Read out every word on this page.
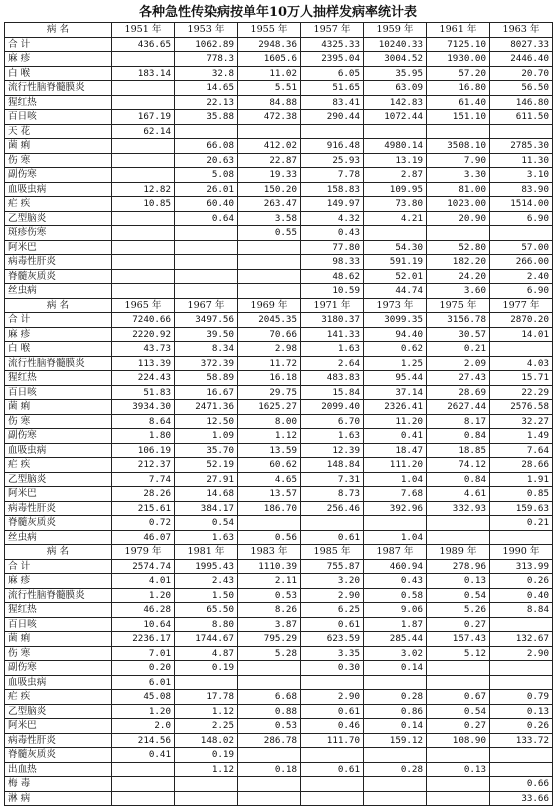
各种急性传染病按单年10万人抽样发病率统计表
病 名	1951 年	1953 年	1955 年	1957 年	1959 年	1961 年	1963 年
合 计	436.65	1062.89	2948.36	4325.33	10240.33	7125.10	8027.33
麻 疹		778.3	1605.6	2395.04	3004.52	1930.00	2446.40
白 喉	183.14	32.8	11.02	6.05	35.95	57.20	20.70
流行性脑脊髓膜炎		14.65	5.51	51.65	63.09	16.80	56.50
猩红热		22.13	84.88	83.41	142.83	61.40	146.80
百日咳	167.19	35.88	472.38	290.44	1072.44	151.10	611.50
天 花	62.14						
菌 痢		66.08	412.02	916.48	4980.14	3508.10	2785.30
伤 寒		20.63	22.87	25.93	13.19	7.90	11.30
副伤寒		5.08	19.33	7.78	2.87	3.30	3.10
血吸虫病	12.82	26.01	150.20	158.83	109.95	81.00	83.90
疟 疾	10.85	60.40	263.47	149.97	73.80	1023.00	1514.00
乙型脑炎		0.64	3.58	4.32	4.21	20.90	6.90
斑疹伤寒			0.55	0.43			
阿米巴				77.80	54.30	52.80	57.00
病毒性肝炎				98.33	591.19	182.20	266.00
脊髓灰质炎				48.62	52.01	24.20	2.40
丝虫病				10.59	44.74	3.60	6.90
病 名	1965 年	1967 年	1969 年	1971 年	1973 年	1975 年	1977 年
合 计	7240.66	3497.56	2045.35	3180.37	3099.35	3156.78	2870.20
麻 疹	2220.92	39.50	70.66	141.33	94.40	30.57	14.01
白 喉	43.73	8.34	2.98	1.63	0.62	0.21	
流行性脑脊髓膜炎	113.39	372.39	11.72	2.64	1.25	2.09	4.03
猩红热	224.43	58.89	16.18	483.83	95.44	27.43	15.71
百日咳	51.83	16.67	29.75	15.84	37.14	28.69	22.29
菌 痢	3934.30	2471.36	1625.27	2099.40	2326.41	2627.44	2576.58
伤 寒	8.64	12.50	8.00	6.70	11.20	8.17	32.27
副伤寒	1.80	1.09	1.12	1.63	0.41	0.84	1.49
血吸虫病	106.19	35.70	13.59	12.39	18.47	18.85	7.64
疟 疾	212.37	52.19	60.62	148.84	111.20	74.12	28.66
乙型脑炎	7.74	27.91	4.65	7.31	1.04	0.84	1.91
阿米巴	28.26	14.68	13.57	8.73	7.68	4.61	0.85
病毒性肝炎	215.61	384.17	186.70	256.46	392.96	332.93	159.63
脊髓灰质炎	0.72	0.54					0.21
丝虫病	46.07	1.63	0.56	0.61	1.04		
病 名	1979 年	1981 年	1983 年	1985 年	1987 年	1989 年	1990 年
合 计	2574.74	1995.43	1110.39	755.87	460.94	278.96	313.99
麻 疹	4.01	2.43	2.11	3.20	0.43	0.13	0.26
流行性脑脊髓膜炎	1.20	1.50	0.53	2.90	0.58	0.54	0.40
猩红热	46.28	65.50	8.26	6.25	9.06	5.26	8.84
百日咳	10.64	8.80	3.87	0.61	1.87	0.27	
菌 痢	2236.17	1744.67	795.29	623.59	285.44	157.43	132.67
伤 寒	7.01	4.87	5.28	3.35	3.02	5.12	2.90
副伤寒	0.20	0.19		0.30	0.14		
血吸虫病	6.01						
疟 疾	45.08	17.78	6.68	2.90	0.28	0.67	0.79
乙型脑炎	1.20	1.12	0.88	0.61	0.86	0.54	0.13
阿米巴	2.0	2.25	0.53	0.46	0.14	0.27	0.26
病毒性肝炎	214.56	148.02	286.78	111.70	159.12	108.90	133.72
脊髓灰质炎	0.41	0.19					
出血热		1.12	0.18	0.61	0.28	0.13	
梅 毒							0.66
淋 病							33.66
